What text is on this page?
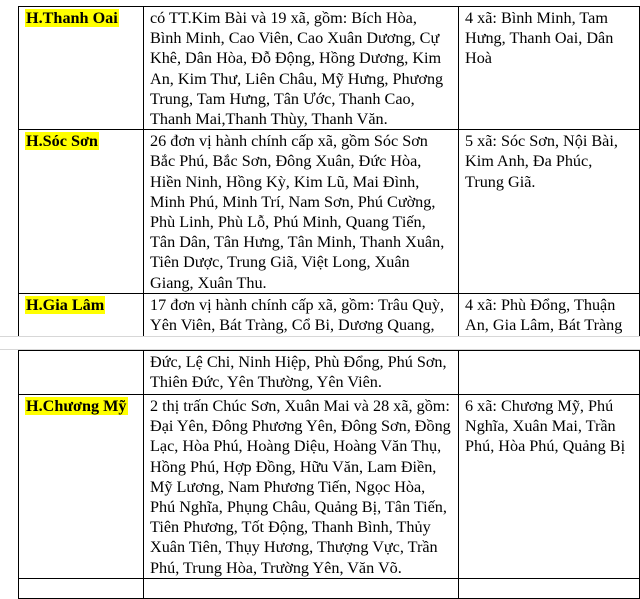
H.Thanh Oai	có TT.Kim Bài và 19 xã, gồm: Bích Hòa, Bình Minh, Cao Viên, Cao Xuân Dương, Cự Khê, Dân Hòa, Đỗ Động, Hồng Dương, Kim An, Kim Thư, Liên Châu, Mỹ Hưng, Phương Trung, Tam Hưng, Tân Ước, Thanh Cao, Thanh Mai,Thanh Thùy, Thanh Văn.	4 xã: Bình Minh, Tam Hưng, Thanh Oai, Dân Hoà
H.Sóc Sơn	26 đơn vị hành chính cấp xã, gồm Sóc Sơn Bắc Phú, Bắc Sơn, Đông Xuân, Đức Hòa, Hiền Ninh, Hồng Kỳ, Kim Lũ, Mai Đình, Minh Phú, Minh Trí, Nam Sơn, Phú Cường, Phù Linh, Phù Lỗ, Phú Minh, Quang Tiến, Tân Dân, Tân Hưng, Tân Minh, Thanh Xuân, Tiên Dược, Trung Giã, Việt Long, Xuân Giang, Xuân Thu.	5 xã: Sóc Sơn, Nội Bài, Kim Anh, Đa Phúc, Trung Giã.
H.Gia Lâm	17 đơn vị hành chính cấp xã, gồm: Trâu Quỳ, Yên Viên, Bát Tràng, Cổ Bi, Dương Quang,	4 xã: Phù Đổng, Thuận An, Gia Lâm, Bát Tràng
	Đức, Lệ Chi, Ninh Hiệp, Phù Đổng, Phú Sơn, Thiên Đức, Yên Thường, Yên Viên.	
H.Chương Mỹ	2 thị trấn Chúc Sơn, Xuân Mai và 28 xã, gồm: Đại Yên, Đông Phương Yên, Đông Sơn, Đồng Lạc, Hòa Phú, Hoàng Diệu, Hoàng Văn Thụ, Hồng Phú, Hợp Đồng, Hữu Văn, Lam Điền, Mỹ Lương, Nam Phương Tiến, Ngọc Hòa, Phú Nghĩa, Phụng Châu, Quảng Bị, Tân Tiến, Tiên Phương, Tốt Động, Thanh Bình, Thủy Xuân Tiên, Thụy Hương, Thượng Vực, Trần Phú, Trung Hòa, Trường Yên, Văn Võ.	6 xã: Chương Mỹ, Phú Nghĩa, Xuân Mai, Trần Phú, Hòa Phú, Quảng Bị
